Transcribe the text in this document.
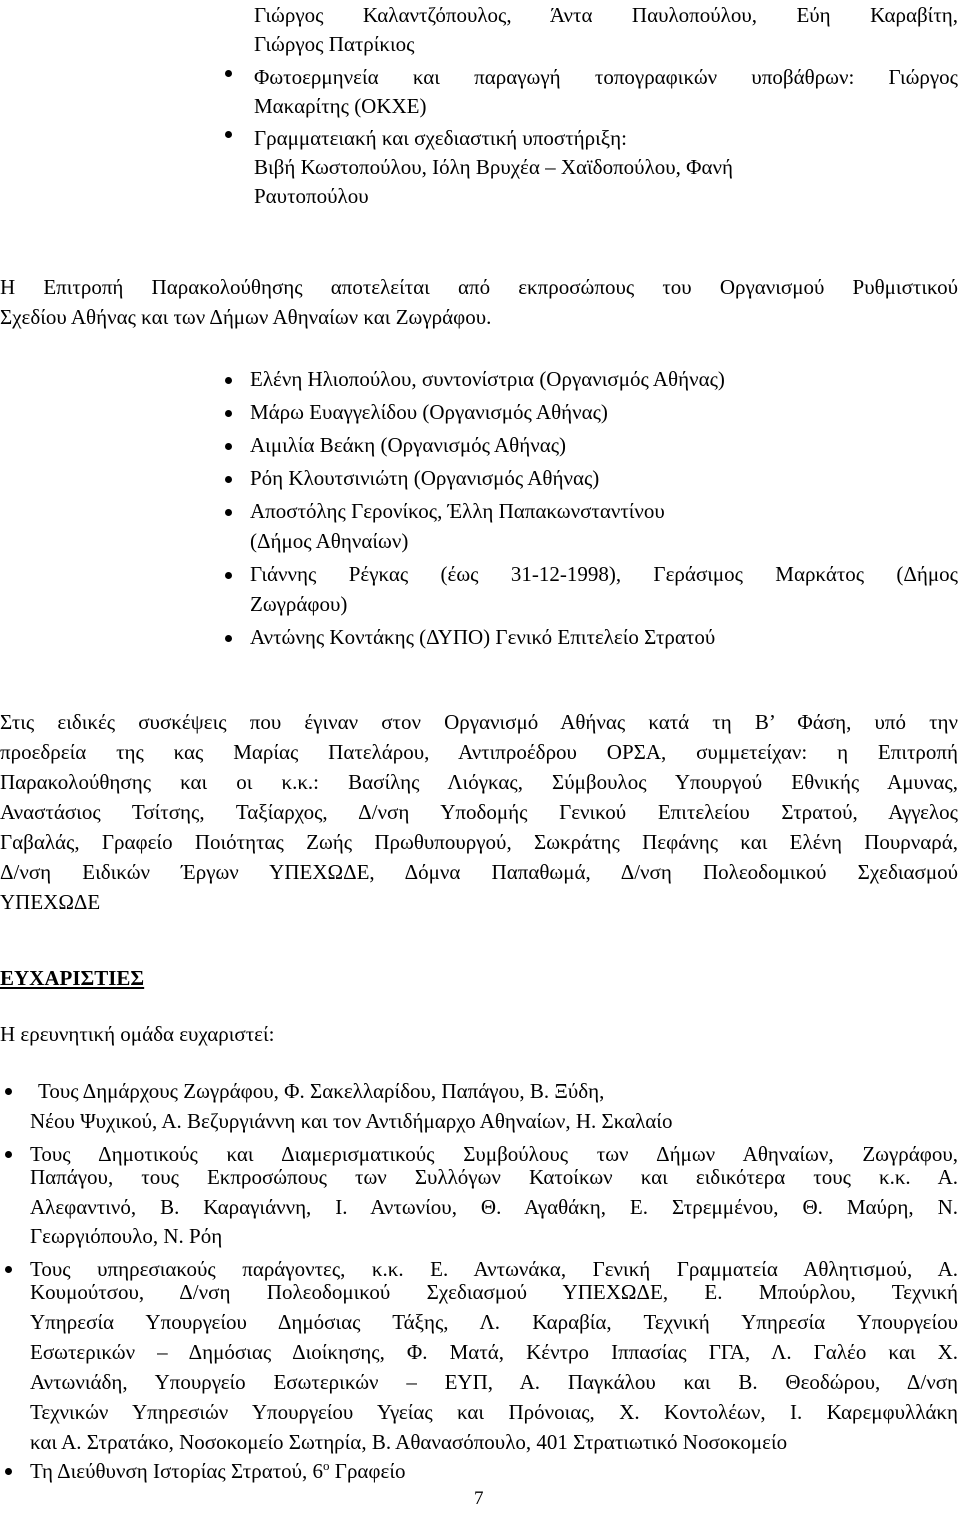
Γιώργος Καλαντζόπουλος, Άντα Παυλοπούλου, Εύη Καραβίτη,
Γιώργος Πατρίκιος
Φωτοερμηνεία και παραγωγή τοπογραφικών υποβάθρων: Γιώργος
Μακαρίτης (ΟΚΧΕ)
Γραμματειακή και σχεδιαστική υποστήριξη:
Βιβή Κωστοπούλου, Ιόλη Βρυχέα – Χαϊδοπούλου, Φανή
Ραυτοπούλου
Η Επιτροπή Παρακολούθησης αποτελείται από εκπροσώπους του Οργανισμού Ρυθμιστικού
Σχεδίου Αθήνας και των Δήμων Αθηναίων και Ζωγράφου.
Ελένη Ηλιοπούλου, συντονίστρια (Οργανισμός Αθήνας)
Μάρω Ευαγγελίδου (Οργανισμός Αθήνας)
Αιμιλία Βεάκη (Οργανισμός Αθήνας)
Ρόη Κλουτσινιώτη (Οργανισμός Αθήνας)
Αποστόλης Γερονίκος, Έλλη Παπακωνσταντίνου
(Δήμος Αθηναίων)
Γιάννης Ρέγκας (έως 31-12-1998), Γεράσιμος Μαρκάτος (Δήμος
Ζωγράφου)
Αντώνης Κοντάκης (ΔΥΠΟ) Γενικό Επιτελείο Στρατού
Στις ειδικές συσκέψεις που έγιναν στον Οργανισμό Αθήνας κατά τη Β’ Φάση, υπό την
προεδρεία της κας Μαρίας Πατελάρου, Αντιπροέδρου ΟΡΣΑ, συμμετείχαν: η Επιτροπή
Παρακολούθησης και οι κ.κ.: Βασίλης Λιόγκας, Σύμβουλος Υπουργού Εθνικής Αμυνας,
Αναστάσιος Τσίτσης, Ταξίαρχος, Δ/νση Υποδομής Γενικού Επιτελείου Στρατού, Αγγελος
Γαβαλάς, Γραφείο Ποιότητας Ζωής Πρωθυπουργού, Σωκράτης Πεφάνης και Ελένη Πουρναρά,
Δ/νση Ειδικών Έργων ΥΠΕΧΩΔΕ, Δόμνα Παπαθωμά, Δ/νση Πολεοδομικού Σχεδιασμού
ΥΠΕΧΩΔΕ
ΕΥΧΑΡΙΣΤΙΕΣ
Η ερευνητική ομάδα ευχαριστεί:
Τους Δημάρχους Ζωγράφου, Φ. Σακελλαρίδου, Παπάγου, Β. Ξύδη,
Νέου Ψυχικού, Α. Βεζυργιάννη και τον Αντιδήμαρχο Αθηναίων, Η. Σκαλαίο
Τους Δημοτικούς και Διαμερισματικούς Συμβούλους των Δήμων Αθηναίων, Ζωγράφου,
Παπάγου, τους Εκπροσώπους των Συλλόγων Κατοίκων και ειδικότερα τους κ.κ. Α.
Αλεφαντινό, Β. Καραγιάννη, Ι. Αντωνίου, Θ. Αγαθάκη, Ε. Στρεμμένου, Θ. Μαύρη, Ν.
Γεωργιόπουλο, Ν. Ρόη
Τους υπηρεσιακούς παράγοντες, κ.κ. Ε. Αντωνάκα, Γενική Γραμματεία Αθλητισμού, Α.
Κουμούτσου, Δ/νση Πολεοδομικού Σχεδιασμού ΥΠΕΧΩΔΕ, Ε. Μπούρλου, Τεχνική
Υπηρεσία Υπουργείου Δημόσιας Τάξης, Λ. Καραβία, Τεχνική Υπηρεσία Υπουργείου
Εσωτερικών – Δημόσιας Διοίκησης, Φ. Ματά, Κέντρο Ιππασίας ΓΓΑ, Λ. Γαλέο και Χ.
Αντωνιάδη, Υπουργείο Εσωτερικών – ΕΥΠ, Α. Παγκάλου και Β. Θεοδώρου, Δ/νση
Τεχνικών Υπηρεσιών Υπουργείου Υγείας και Πρόνοιας, Χ. Κοντολέων, Ι. Καρεμφυλλάκη
και Α. Στρατάκο, Νοσοκομείο Σωτηρία, Β. Αθανασόπουλο, 401 Στρατιωτικό Νοσοκομείο
Τη Διεύθυνση Ιστορίας Στρατού, $6^o$ Γραφείο
7
